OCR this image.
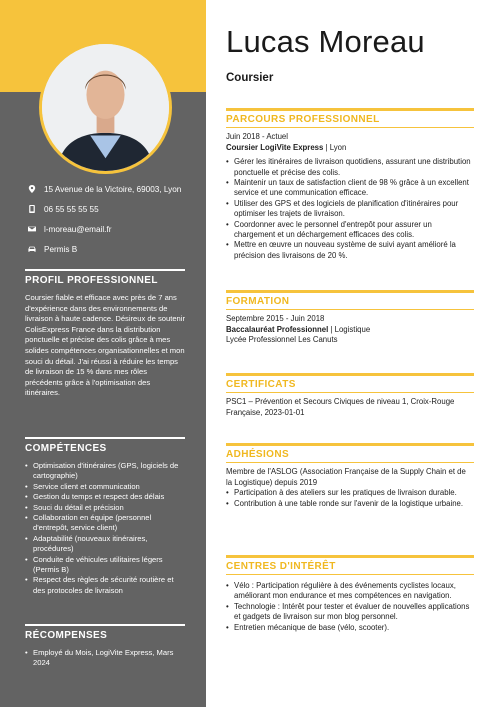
15 Avenue de la Victoire, 69003, Lyon
06 55 55 55 55
l-moreau@email.fr
Permis B
PROFIL PROFESSIONNEL

Coursier fiable et efficace avec près de 7 ans d'expérience dans des environnements de livraison à haute cadence. Désireux de soutenir ColisExpress France dans la distribution ponctuelle et précise des colis grâce à mes solides compétences organisationnelles et mon souci du détail. J'ai réussi à réduire les temps de livraison de 15 % dans mes rôles précédents grâce à l'optimisation des itinéraires.

COMPÉTENCES
• Optimisation d'itinéraires (GPS, logiciels de cartographie)
• Service client et communication
• Gestion du temps et respect des délais
• Souci du détail et précision
• Collaboration en équipe (personnel d'entrepôt, service client)
• Adaptabilité (nouveaux itinéraires, procédures)
• Conduite de véhicules utilitaires légers (Permis B)
• Respect des règles de sécurité routière et des protocoles de livraison
RÉCOMPENSES
• Employé du Mois, LogiVite Express, Mars 2024
Lucas Moreau
Coursier
PARCOURS PROFESSIONNEL

Juin 2018 - Actuel

Coursier LogiVite Express | Lyon

• Gérer les itinéraires de livraison quotidiens, assurant une distribution ponctuelle et précise des colis.
• Maintenir un taux de satisfaction client de 98 % grâce à un excellent service et une communication efficace.
• Utiliser des GPS et des logiciels de planification d'itinéraires pour optimiser les trajets de livraison.
• Coordonner avec le personnel d'entrepôt pour assurer un chargement et un déchargement efficaces des colis.
• Mettre en œuvre un nouveau système de suivi ayant amélioré la précision des livraisons de 20 %.
FORMATION

Septembre 2015 - Juin 2018

Baccalauréat Professionnel | Logistique

Lycée Professionnel Les Canuts

CERTIFICATS

PSC1 – Prévention et Secours Civiques de niveau 1, Croix-Rouge Française, 2023-01-01

ADHÉSIONS

Membre de l'ASLOG (Association Française de la Supply Chain et de la Logistique) depuis 2019

• Participation à des ateliers sur les pratiques de livraison durable.
• Contribution à une table ronde sur l'avenir de la logistique urbaine.
CENTRES D'INTÉRÊT
• Vélo : Participation régulière à des événements cyclistes locaux, améliorant mon endurance et mes compétences en navigation.
• Technologie : Intérêt pour tester et évaluer de nouvelles applications et gadgets de livraison sur mon blog personnel.
• Entretien mécanique de base (vélo, scooter).
